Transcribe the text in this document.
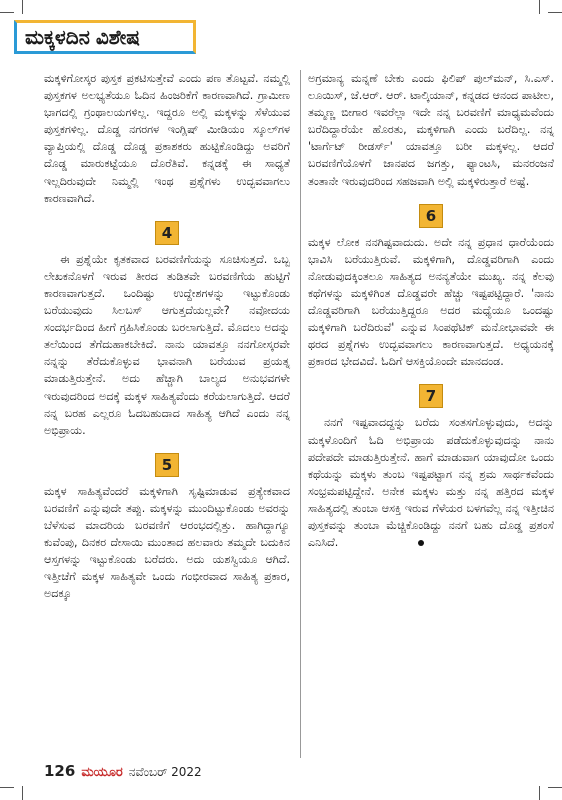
ಮಕ್ಕಳದಿನ ವಿಶೇಷ

ಮಕ್ಕಳಿಗೋಸ್ಕರ ಪುಸ್ತಕ ಪ್ರಕಟಿಸುತ್ತೇವೆ ಎಂದು ಪಣ ತೊಟ್ಟವೆ. ನಮ್ಮಲ್ಲಿ ಪುಸ್ತಕಗಳ ಅಲಭ್ಯತೆಯೂ ಓದಿನ ಹಿಂಜರಿಕೆಗೆ ಕಾರಣವಾಗಿದೆ. ಗ್ರಾಮೀಣ ಭಾಗದಲ್ಲಿ ಗ್ರಂಥಾಲಯಗಳಿಲ್ಲ. ಇದ್ದರೂ ಅಲ್ಲಿ ಮಕ್ಕಳನ್ನು ಸೆಳೆಯುವ ಪುಸ್ತಕಗಳಿಲ್ಲ. ದೊಡ್ಡ ನಗರಗಳ ಇಂಗ್ಲಿಷ್ ಮೀಡಿಯಂ ಸ್ಕೂಲ್‌ಗಳ ವ್ಯಾಪ್ತಿಯಲ್ಲಿ ದೊಡ್ಡ ದೊಡ್ಡ ಪ್ರಕಾಶಕರು ಹುಟ್ಟಿಕೊಂಡಿದ್ದು ಅವರಿಗೆ ದೊಡ್ಡ ಮಾರುಕಟ್ಟೆಯೂ ದೊರೆತಿವೆ. ಕನ್ನಡಕ್ಕೆ ಈ ಸಾಧ್ಯತೆ ಇಲ್ಲದಿರುವುದೇ ನಿಮ್ಮಲ್ಲಿ ಇಂಥ ಪ್ರಶ್ನೆಗಳು ಉದ್ಭವವಾಗಲು ಕಾರಣವಾಗಿದೆ.

4

ಈ ಪ್ರಶ್ನೆಯೇ ಕೃತಕವಾದ ಬರವಣಿಗೆಯನ್ನು ಸೂಚಿಸುತ್ತದೆ. ಒಬ್ಬ ಲೇಖಕನೊಳಗೆ ಇರುವ ತೀರದ ತುಡಿತವೇ ಬರವಣಿಗೆಯ ಹುಟ್ಟಿಗೆ ಕಾರಣವಾಗುತ್ತದೆ. ಒಂದಿಷ್ಟು ಉದ್ದೇಶಗಳನ್ನು ಇಟ್ಟುಕೊಂಡು ಬರೆಯುವುದು ಸಿಲಬಸ್ ಆಗುತ್ತದೆಯಲ್ಲವೇ? ನವೋದಯ ಸಂದರ್ಭದಿಂದ ಹೀಗೆ ಗ್ರಹಿಸಿಕೊಂಡು ಬರಲಾಗುತ್ತಿದೆ. ಮೊದಲು ಅದನ್ನು ತಲೆಯಿಂದ ತೆಗೆದುಹಾಕಬೇಕಿದೆ. ನಾನು ಯಾವತ್ತೂ ನನಗೋಸ್ಕರವೇ ನನ್ನನ್ನು ತೆರೆದುಕೊಳ್ಳುವ ಭಾವನಾಗಿ ಬರೆಯುವ ಪ್ರಯತ್ನ ಮಾಡುತ್ತಿರುತ್ತೇನೆ. ಅದು ಹೆಚ್ಚಾಗಿ ಬಾಲ್ಯದ ಅನುಭವಗಳೇ ಇರುವುದರಿಂದ ಅದಕ್ಕೆ ಮಕ್ಕಳ ಸಾಹಿತ್ಯವೆಂದು ಕರೆಯಲಾಗುತ್ತಿದೆ. ಆದರೆ ನನ್ನ ಬರಹ ಎಲ್ಲರೂ ಓದಬಹುದಾದ ಸಾಹಿತ್ಯ ಆಗಿದೆ ಎಂದು ನನ್ನ ಅಭಿಪ್ರಾಯ.

5

ಮಕ್ಕಳ ಸಾಹಿತ್ಯವೆಂದರೆ ಮಕ್ಕಳಿಗಾಗಿ ಸೃಷ್ಟಿಮಾಡುವ ಪ್ರತ್ಯೇಕವಾದ ಬರವಣಿಗೆ ಎನ್ನುವುದೇ ತಪ್ಪು. ಮಕ್ಕಳನ್ನು ಮುಂದಿಟ್ಟುಕೊಂಡು ಅವರನ್ನು ಬೆಳೆಸುವ ಮಾದರಿಯ ಬರವಣಿಗೆ ಆರಂಭದಲ್ಲಿತ್ತು. ಹಾಗಿದ್ದಾಗ್ಯೂ ಕುವೆಂಪು, ದಿನಕರ ದೇಸಾಯಿ ಮುಂತಾದ ಹಲವಾರು ತಮ್ಮದೇ ಬದುಕಿನ ಆಸ್ತಗಳನ್ನು ಇಟ್ಟುಕೊಂಡು ಬರೆದರು. ಅದು ಯಶಸ್ವಿಯೂ ಆಗಿದೆ. ಇತ್ತೀಚೆಗೆ ಮಕ್ಕಳ ಸಾಹಿತ್ಯವೇ ಒಂದು ಗಂಭೀರವಾದ ಸಾಹಿತ್ಯ ಪ್ರಕಾರ, ಅದಕ್ಕೂ

ಅಗ್ರಮಾನ್ಯ ಮನ್ನಣೆ ಬೇಕು ಎಂದು ಫಿಲಿಪ್ ಪುಲ್‌ಮನ್, ಸಿ.ಎಸ್. ಲೂಯಿಸ್, ಜೆ.ಆರ್. ಆರ್. ಟಾಲ್ಕಿಯಾನ್, ಕನ್ನಡದ ಆನಂದ ಪಾಟೀಲ, ತಮ್ಮಣ್ಣ ಬೀಗಾರ ಇವರೆಲ್ಲಾ ಇದೇ ನನ್ನ ಬರವಣಿಗೆ ಮಾಧ್ಯಮವೆಂದು ಬರೆದಿದ್ದಾರೆಯೇ ಹೊರತು, ಮಕ್ಕಳಿಗಾಗಿ ಎಂದು ಬರೆದಿಲ್ಲ. ನನ್ನ 'ಟಾರ್ಗೆಟ್ ರೀಡರ್ಸ್' ಯಾವತ್ತೂ ಬರೀ ಮಕ್ಕಳಲ್ಲ. ಆದರೆ ಬರವಣಿಗೆಯೊಳಗೆ ಜಾನಪದ ಜಗತ್ತು, ಫ್ಯಾಂಟಸಿ, ಮನರಂಜನೆ ತಂತಾನೇ ಇರುವುದರಿಂದ ಸಹಜವಾಗಿ ಅಲ್ಲಿ ಮಕ್ಕಳಿರುತ್ತಾರೆ ಅಷ್ಟೆ.

6

ಮಕ್ಕಳ ಲೋಕ ನನಗಿಷ್ಟವಾದುದು. ಅದೇ ನನ್ನ ಪ್ರಧಾನ ಧಾರೆಯೆಂದು ಭಾವಿಸಿ ಬರೆಯುತ್ತಿರುವೆ. ಮಕ್ಕಳಿಗಾಗಿ, ದೊಡ್ಡವರಿಗಾಗಿ ಎಂದು ನೋಡುವುದಕ್ಕಿಂತಲೂ ಸಾಹಿತ್ಯದ ಅನನ್ಯತೆಯೇ ಮುಖ್ಯ. ನನ್ನ ಕೆಲವು ಕಥೆಗಳನ್ನು ಮಕ್ಕಳಿಗಿಂತ ದೊಡ್ಡವರೇ ಹೆಚ್ಚು ಇಷ್ಟಪಟ್ಟಿದ್ದಾರೆ. 'ನಾನು ದೊಡ್ಡವರಿಗಾಗಿ ಬರೆಯುತ್ತಿದ್ದರೂ ಅದರ ಮಧ್ಯೆಯೂ ಒಂದಷ್ಟು ಮಕ್ಕಳಿಗಾಗಿ ಬರೆದಿರುವೆ' ಎನ್ನುವ ಸಿಂಪಥೆಟಿಕ್ ಮನೋಭಾವವೇ ಈ ಥರದ ಪ್ರಶ್ನೆಗಳು ಉದ್ಭವವಾಗಲು ಕಾರಣವಾಗುತ್ತದೆ. ಅಧ್ಯಯನಕ್ಕೆ ಪ್ರಕಾರದ ಭೇದವಿದೆ. ಓದಿಗೆ ಆಸಕ್ತಿಯೊಂದೇ ಮಾನದಂಡ.

7

ನನಗೆ ಇಷ್ಟವಾದದ್ದನ್ನು ಬರೆದು ಸಂತಸಗೊಳ್ಳುವುದು, ಅದನ್ನು ಮಕ್ಕಳೊಂದಿಗೆ ಓದಿ ಅಭಿಪ್ರಾಯ ಪಡೆದುಕೊಳ್ಳುವುದನ್ನು ನಾನು ಪದೇಪದೇ ಮಾಡುತ್ತಿರುತ್ತೇನೆ. ಹಾಗೆ ಮಾಡುವಾಗ ಯಾವುದೋ ಒಂದು ಕಥೆಯನ್ನು ಮಕ್ಕಳು ತುಂಬ ಇಷ್ಟಪಟ್ಟಾಗ ನನ್ನ ಶ್ರಮ ಸಾರ್ಥಕವೆಂದು ಸಂಭ್ರಮಪಟ್ಟಿದ್ದೇನೆ. ಅನೇಕ ಮಕ್ಕಳು ಮತ್ತು ನನ್ನ ಹತ್ತಿರದ ಮಕ್ಕಳ ಸಾಹಿತ್ಯದಲ್ಲಿ ತುಂಬಾ ಆಸಕ್ತಿ ಇರುವ ಗೆಳೆಯರ ಬಳಗವೆಲ್ಲ ನನ್ನ ಇತ್ತೀಚಿನ ಪುಸ್ತಕವನ್ನು ತುಂಬಾ ಮೆಚ್ಚಿಕೊಂಡಿದ್ದು ನನಗೆ ಬಹು ದೊಡ್ಡ ಪ್ರಶಂಸೆ ಎನಿಸಿದೆ.

126 ಮಯೂರ ನವೆಂಬರ್ 2022
